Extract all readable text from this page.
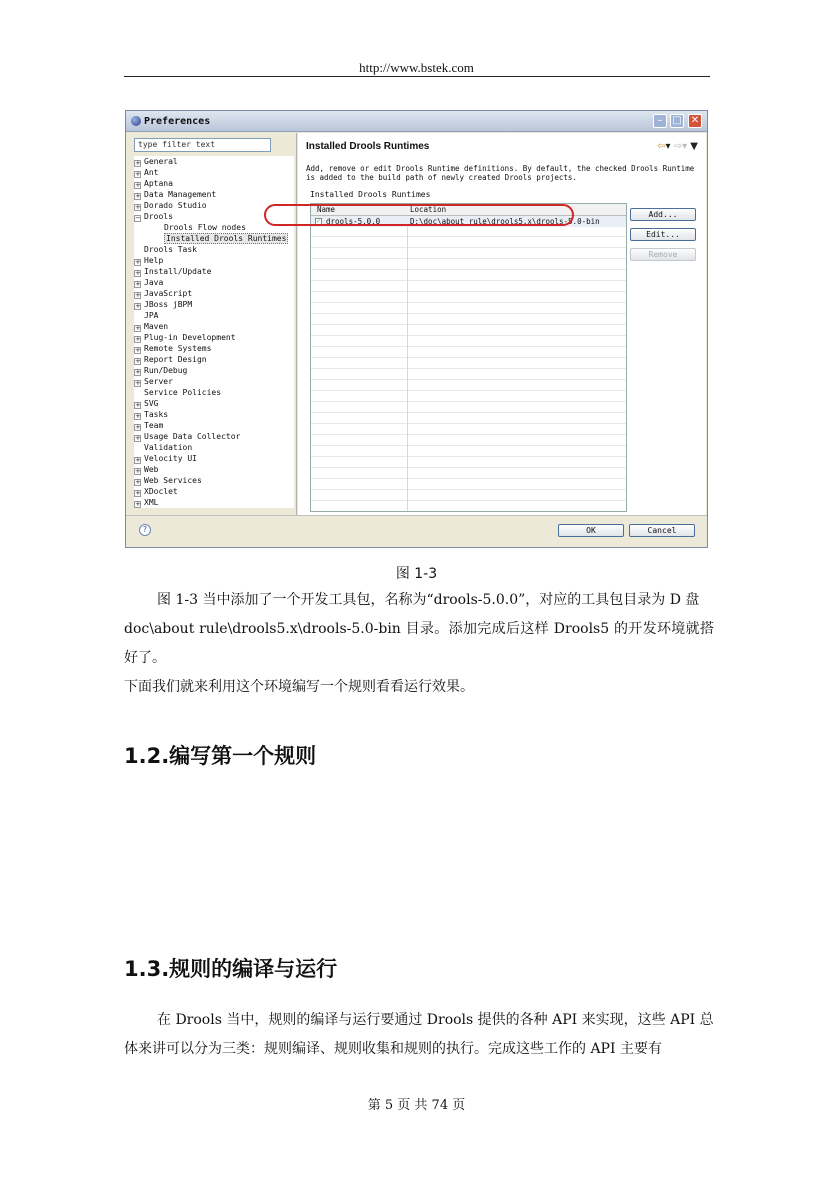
http://www.bstek.com
Preferences	– □ ✕
type filter text
+ General
+ Ant
+ Aptana
+ Data Management
+ Dorado Studio
− Drools
Drools Flow nodes
Installed Drools Runtimes
Drools Task
+ Help
+ Install/Update
+ Java
+ JavaScript
+ JBoss jBPM
JPA
+ Maven
+ Plug-in Development
+ Remote Systems
+ Report Design
+ Run/Debug
+ Server
Service Policies
+ SVG
+ Tasks
+ Team
+ Usage Data Collector
Validation
+ Velocity UI
+ Web
+ Web Services
+ XDoclet
+ XML
Installed Drools Runtimes	⇦▾ ⇨▾ ▼
Add, remove or edit Drools Runtime definitions. By default, the checked Drools Runtime is added to the build path of newly created Drools projects.
Installed Drools Runtimes
Name	Location
✓ drools-5.0.0	D:\doc\about rule\drools5.x\drools-5.0-bin
Add...
Edit...
Remove
?	OK	Cancel
图 1-3

图 1-3 当中添加了一个开发工具包，名称为“drools-5.0.0”，对应的工具包目录为 D 盘

doc\about rule\drools5.x\drools-5.0-bin 目录。添加完成后这样 Drools5 的开发环境就搭好了。

下面我们就来利用这个环境编写一个规则看看运行效果。

1.2.编写第一个规则
1.3.规则的编译与运行

在 Drools 当中，规则的编译与运行要通过 Drools 提供的各种 API 来实现，这些 API 总

体来讲可以分为三类：规则编译、规则收集和规则的执行。完成这些工作的 API 主要有

第 5 页 共 74 页
